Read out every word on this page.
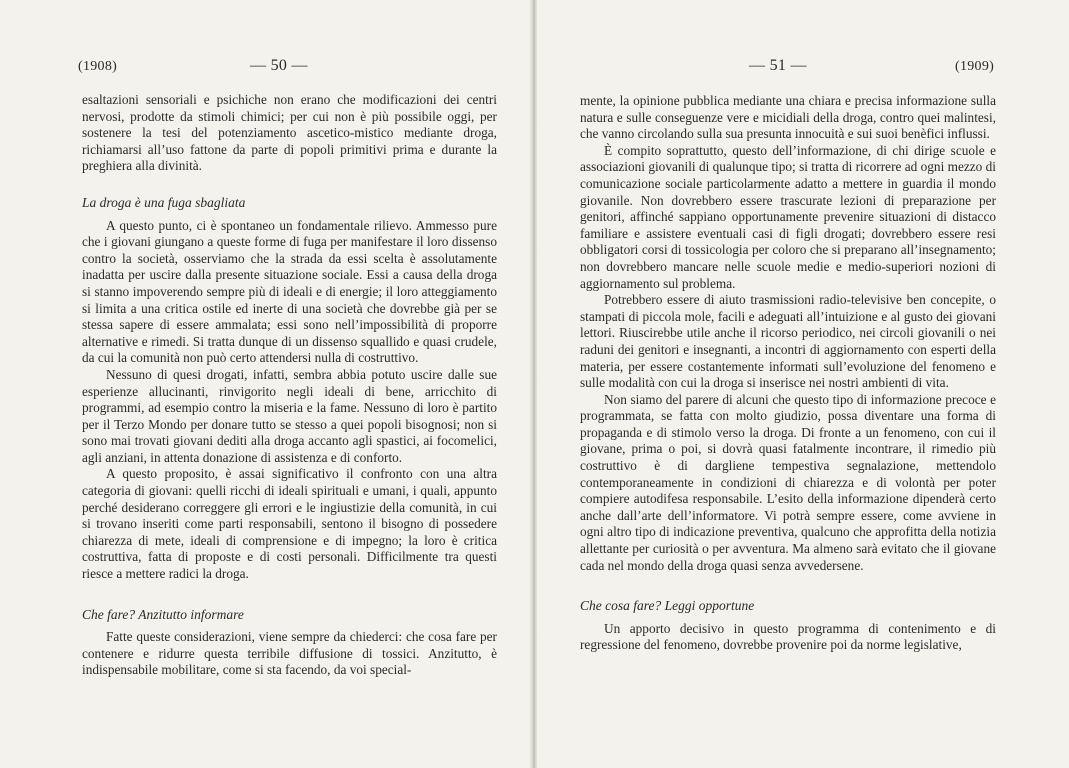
(1908)	— 50 —

esaltazioni sensoriali e psichiche non erano che modificazioni dei centri nervosi, prodotte da stimoli chimici; per cui non è più possibile oggi, per sostenere la tesi del potenziamento ascetico-mistico mediante droga, richiamarsi all’uso fattone da parte di popoli primitivi prima e durante la preghiera alla divinità.

La droga è una fuga sbagliata

A questo punto, ci è spontaneo un fondamentale rilievo. Ammesso pure che i giovani giungano a queste forme di fuga per manifestare il loro dissenso contro la società, osserviamo che la strada da essi scelta è assolutamente inadatta per uscire dalla presente situazione sociale. Essi a causa della droga si stanno impoverendo sempre più di ideali e di energie; il loro atteggiamento si limita a una critica ostile ed inerte di una società che dovrebbe già per se stessa sapere di essere ammalata; essi sono nell’impossibilità di proporre alternative e rimedi. Si tratta dunque di un dissenso squallido e quasi crudele, da cui la comunità non può certo attendersi nulla di costruttivo.

Nessuno di quesi drogati, infatti, sembra abbia potuto uscire dalle sue esperienze allucinanti, rinvigorito negli ideali di bene, arricchito di programmi, ad esempio contro la miseria e la fame. Nessuno di loro è partito per il Terzo Mondo per donare tutto se stesso a quei popoli bisognosi; non si sono mai trovati giovani dediti alla droga accanto agli spastici, ai focomelici, agli anziani, in attenta donazione di assistenza e di conforto.

A questo proposito, è assai significativo il confronto con una altra categoria di giovani: quelli ricchi di ideali spirituali e umani, i quali, appunto perché desiderano correggere gli errori e le ingiustizie della comunità, in cui si trovano inseriti come parti responsabili, sentono il bisogno di possedere chiarezza di mete, ideali di comprensione e di impegno; la loro è critica costruttiva, fatta di proposte e di costi personali. Difficilmente tra questi riesce a mettere radici la droga.

Che fare? Anzitutto informare

Fatte queste considerazioni, viene sempre da chiederci: che cosa fare per contenere e ridurre questa terribile diffusione di tossici. Anzitutto, è indispensabile mobilitare, come si sta facendo, da voi special-

— 51 —	(1909)

mente, la opinione pubblica mediante una chiara e precisa informazione sulla natura e sulle conseguenze vere e micidiali della droga, contro quei malintesi, che vanno circolando sulla sua presunta innocuità e sui suoi benèfici influssi.

È compito soprattutto, questo dell’informazione, di chi dirige scuole e associazioni giovanili di qualunque tipo; si tratta di ricorrere ad ogni mezzo di comunicazione sociale particolarmente adatto a mettere in guardia il mondo giovanile. Non dovrebbero essere trascurate lezioni di preparazione per genitori, affinché sappiano opportunamente prevenire situazioni di distacco familiare e assistere eventuali casi di figli drogati; dovrebbero essere resi obbligatori corsi di tossicologia per coloro che si preparano all’insegnamento; non dovrebbero mancare nelle scuole medie e medio-superiori nozioni di aggiornamento sul problema.

Potrebbero essere di aiuto trasmissioni radio-televisive ben concepite, o stampati di piccola mole, facili e adeguati all’intuizione e al gusto dei giovani lettori. Riuscirebbe utile anche il ricorso periodico, nei circoli giovanili o nei raduni dei genitori e insegnanti, a incontri di aggiornamento con esperti della materia, per essere costantemente informati sull’evoluzione del fenomeno e sulle modalità con cui la droga si inserisce nei nostri ambienti di vita.

Non siamo del parere di alcuni che questo tipo di informazione precoce e programmata, se fatta con molto giudizio, possa diventare una forma di propaganda e di stimolo verso la droga. Di fronte a un fenomeno, con cui il giovane, prima o poi, si dovrà quasi fatalmente incontrare, il rimedio più costruttivo è di dargliene tempestiva segnalazione, mettendolo contemporaneamente in condizioni di chiarezza e di volontà per poter compiere autodifesa responsabile. L’esito della informazione dipenderà certo anche dall’arte dell’informatore. Vi potrà sempre essere, come avviene in ogni altro tipo di indicazione preventiva, qualcuno che approfitta della notizia allettante per curiosità o per avventura. Ma almeno sarà evitato che il giovane cada nel mondo della droga quasi senza avvedersene.

Che cosa fare? Leggi opportune

Un apporto decisivo in questo programma di contenimento e di regressione del fenomeno, dovrebbe provenire poi da norme legislative,
